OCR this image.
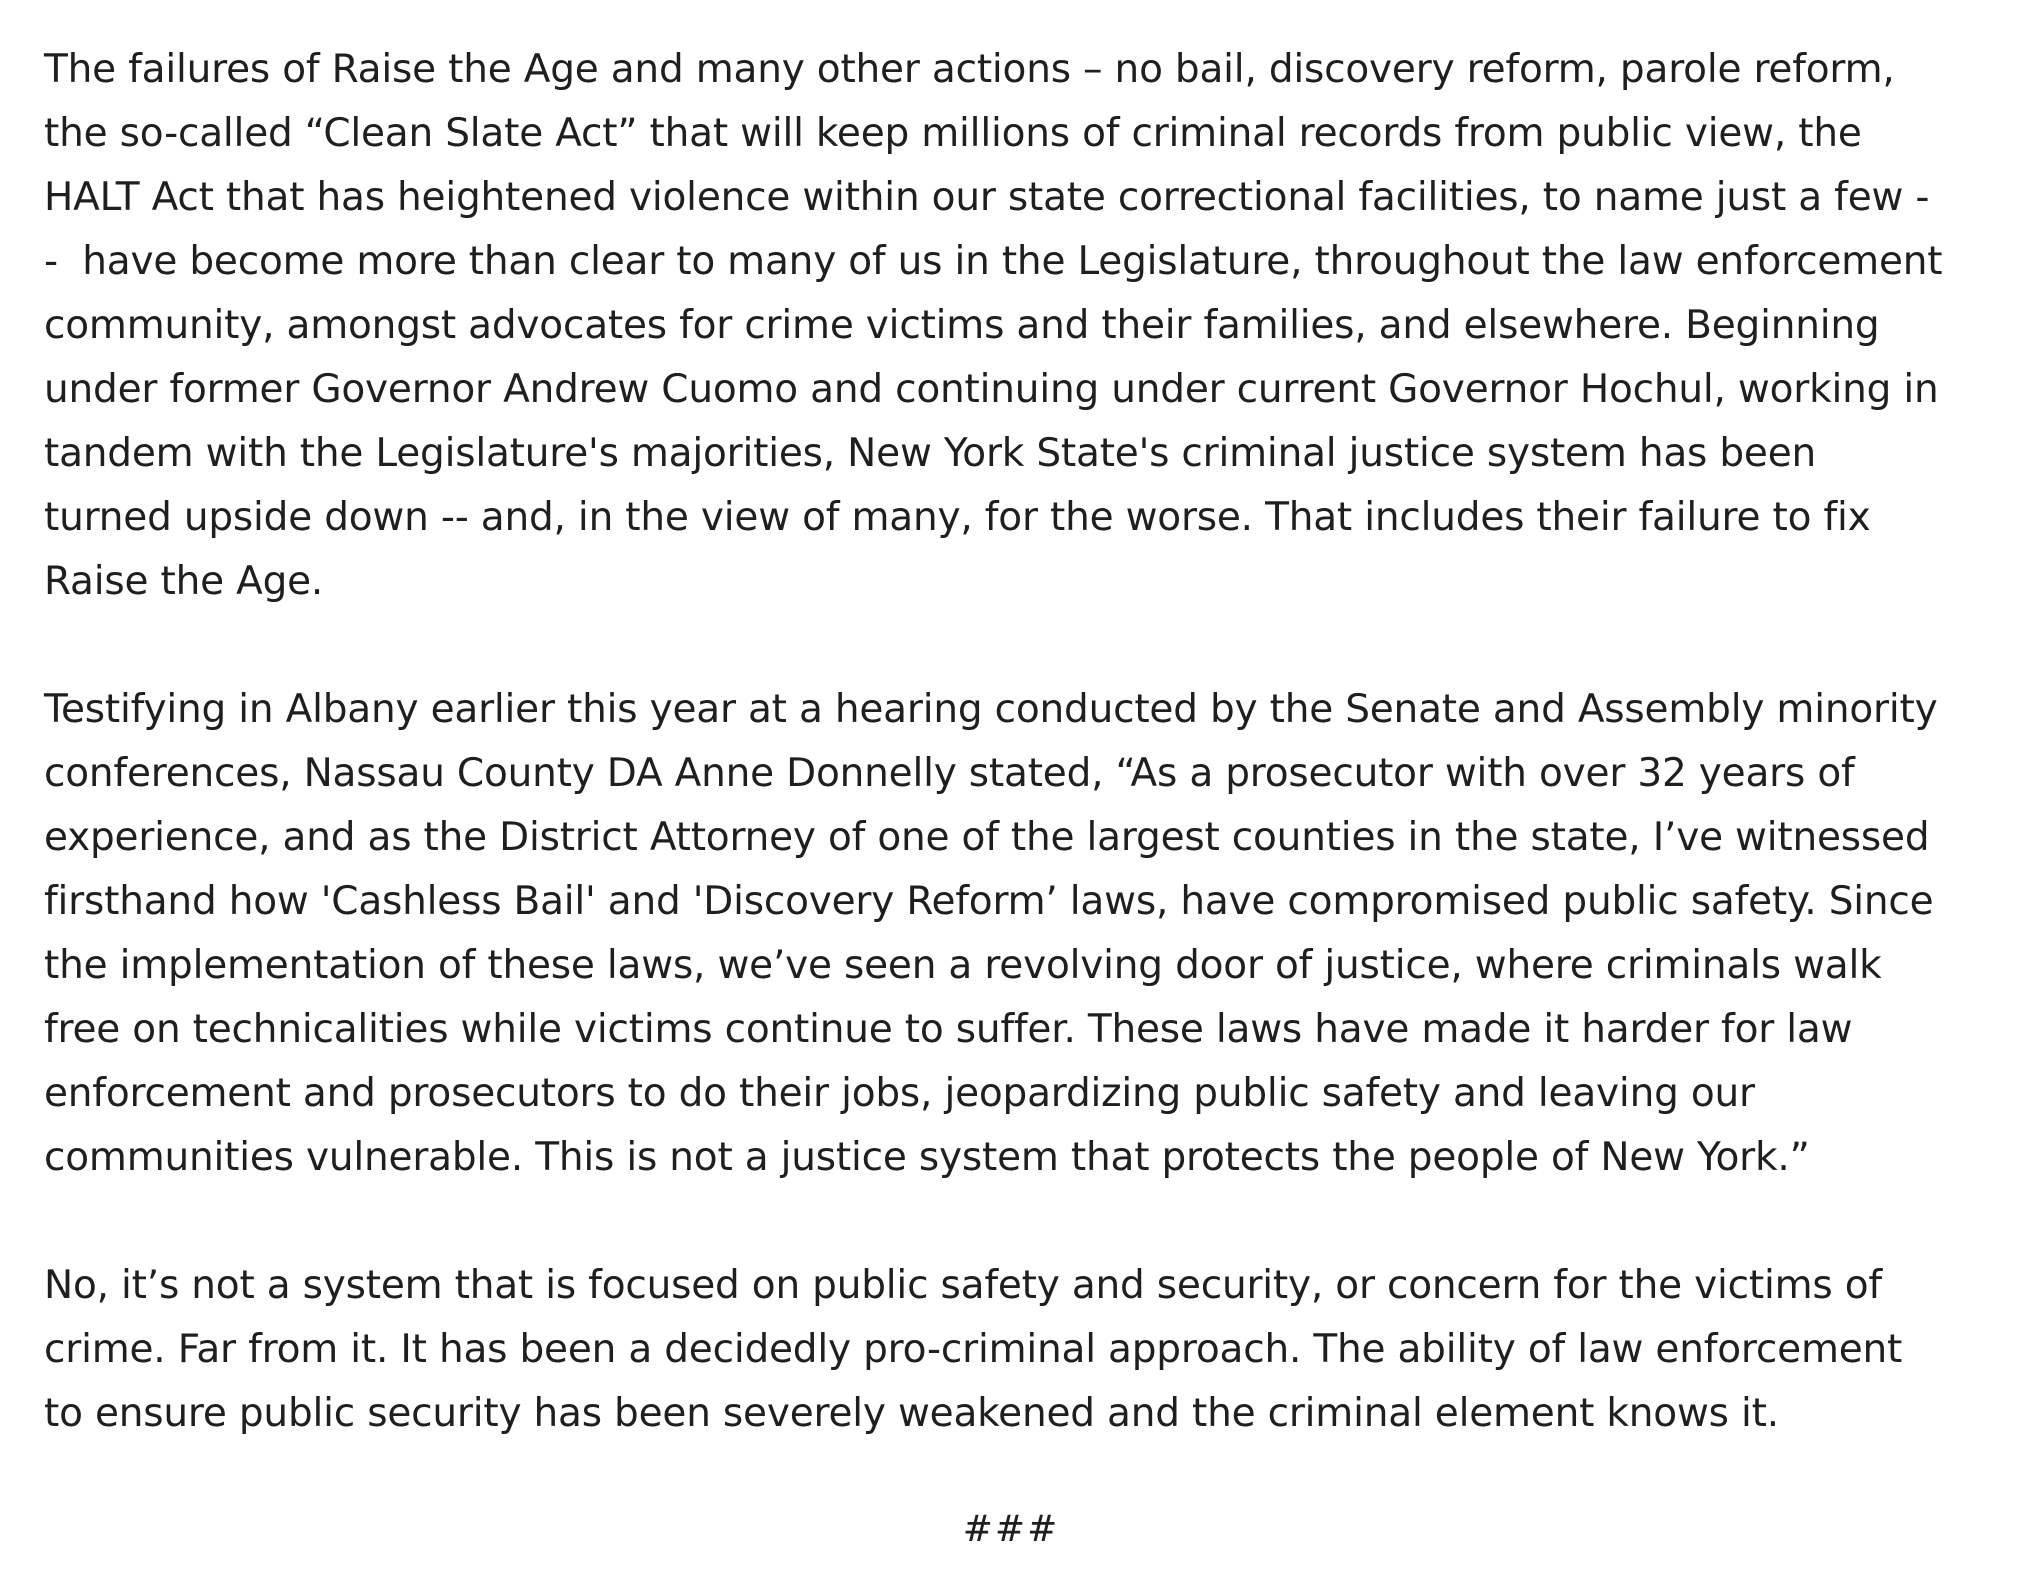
The failures of Raise the Age and many other actions – no bail, discovery reform, parole reform,
the so-called “Clean Slate Act” that will keep millions of criminal records from public view, the
HALT Act that has heightened violence within our state correctional facilities, to name just a few -
-  have become more than clear to many of us in the Legislature, throughout the law enforcement
community, amongst advocates for crime victims and their families, and elsewhere. Beginning
under former Governor Andrew Cuomo and continuing under current Governor Hochul, working in
tandem with the Legislature's majorities, New York State's criminal justice system has been
turned upside down -- and, in the view of many, for the worse. That includes their failure to fix
Raise the Age.
Testifying in Albany earlier this year at a hearing conducted by the Senate and Assembly minority
conferences, Nassau County DA Anne Donnelly stated, “As a prosecutor with over 32 years of
experience, and as the District Attorney of one of the largest counties in the state, I’ve witnessed
firsthand how 'Cashless Bail' and 'Discovery Reform’ laws, have compromised public safety. Since
the implementation of these laws, we’ve seen a revolving door of justice, where criminals walk
free on technicalities while victims continue to suffer. These laws have made it harder for law
enforcement and prosecutors to do their jobs, jeopardizing public safety and leaving our
communities vulnerable. This is not a justice system that protects the people of New York.”
No, it’s not a system that is focused on public safety and security, or concern for the victims of
crime. Far from it. It has been a decidedly pro-criminal approach. The ability of law enforcement
to ensure public security has been severely weakened and the criminal element knows it.
###
